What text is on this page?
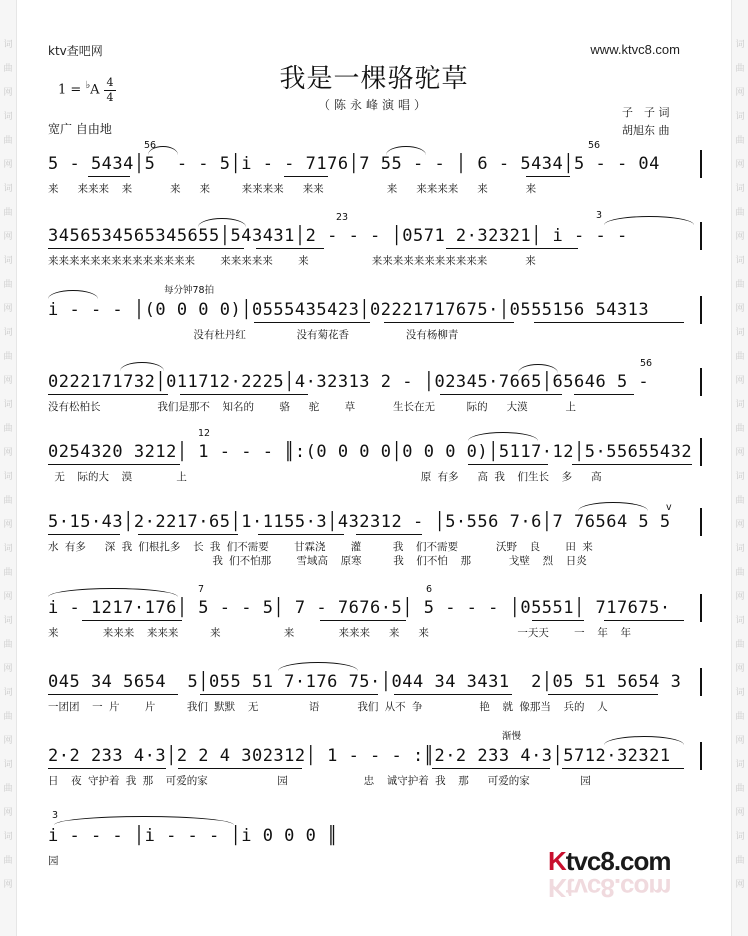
词
曲
网
词
曲
网
词
曲
网
词
曲
网
词
曲
网
词
曲
网
词
曲
网
词
曲
网
词
曲
网
词
曲
网
词
曲
网
词
曲
网
词
曲
网
词
曲
网
词
曲
网
词
曲
网
词
曲
网
词
曲
网
词
曲
网
词
曲
网
词
曲
网
词
曲
网
词
曲
网
词
曲
网
ktv查吧网	www.ktvc8.com
我是一棵骆驼草
（陈永峰演唱）
$1 = ^♭A \frac{4}{4}$
宽广 自由地
子　子 词
胡旭东 曲
5 - 5434│5  - - 5│i - - 7176│7 55 - - │ 6 - 5434│5 - - 04
来   来来来  来      来   来     来来来来   来来          来   来来来来   来      来
56	56
3456534565345655│543431│2 - - - │0571 2·32321│ i - - -
来来来来来来来来来来来来来来    来来来来来    来          来来来来来来来来来来来      来
23	3
i - - - │(0 0 0 0)│0555435423│02221717675·│0555156 54313
没有杜丹红        没有菊花香         没有杨柳青
每分钟78拍
0222171732│011712·2225│4·32313 2 - │02345·7665│65646 5 -
没有松柏长         我们是那不  知名的    骆   驼    草      生长在无     际的   大漠      上
56
0254320 3212│ 1 - - - ║:(0 0 0 0│0 0 0 0)│5117·12│5·55655432
无  际的大  漠       上                                     原 有多   高 我  们生长  多   高
12
5·15·43│2·2217·65│1·1155·3│432312 - │5·556 7·6│7 76564 5 5
水 有多   深 我 们根扎多  长 我 们不需要    甘霖浇    灌     我  们不需要      沃野  良    田 来
我 们不怕那    雪域高  原寒     我  们不怕  那      戈壁  烈  日炎
v
i - 1217·176│ 5 - - 5│ 7 - 7676·5│ 5 - - - │05551│ 717675·
来       来来来  来来来     来          来       来来来   来   来              一天天    一  年  年
7	6
045 34 5654  5│055 51 7·176 75·│044 34 3431  2│05 51 5654 3
一团团  一 片    片     我们 默默  无        语      我们 从不 争         艳  就 像那当  兵的  人
2·2 233 4·3│2 2 4 302312│ 1 - - - :║2·2 233 4·3│5712·32321
日  夜 守护着 我 那  可爱的家           园            忠  诚守护着 我  那   可爱的家        园
渐慢
i - - - │i - - - │i 0 0 0 ║
园
3
Ktvc8.com
Ktvc8.com
